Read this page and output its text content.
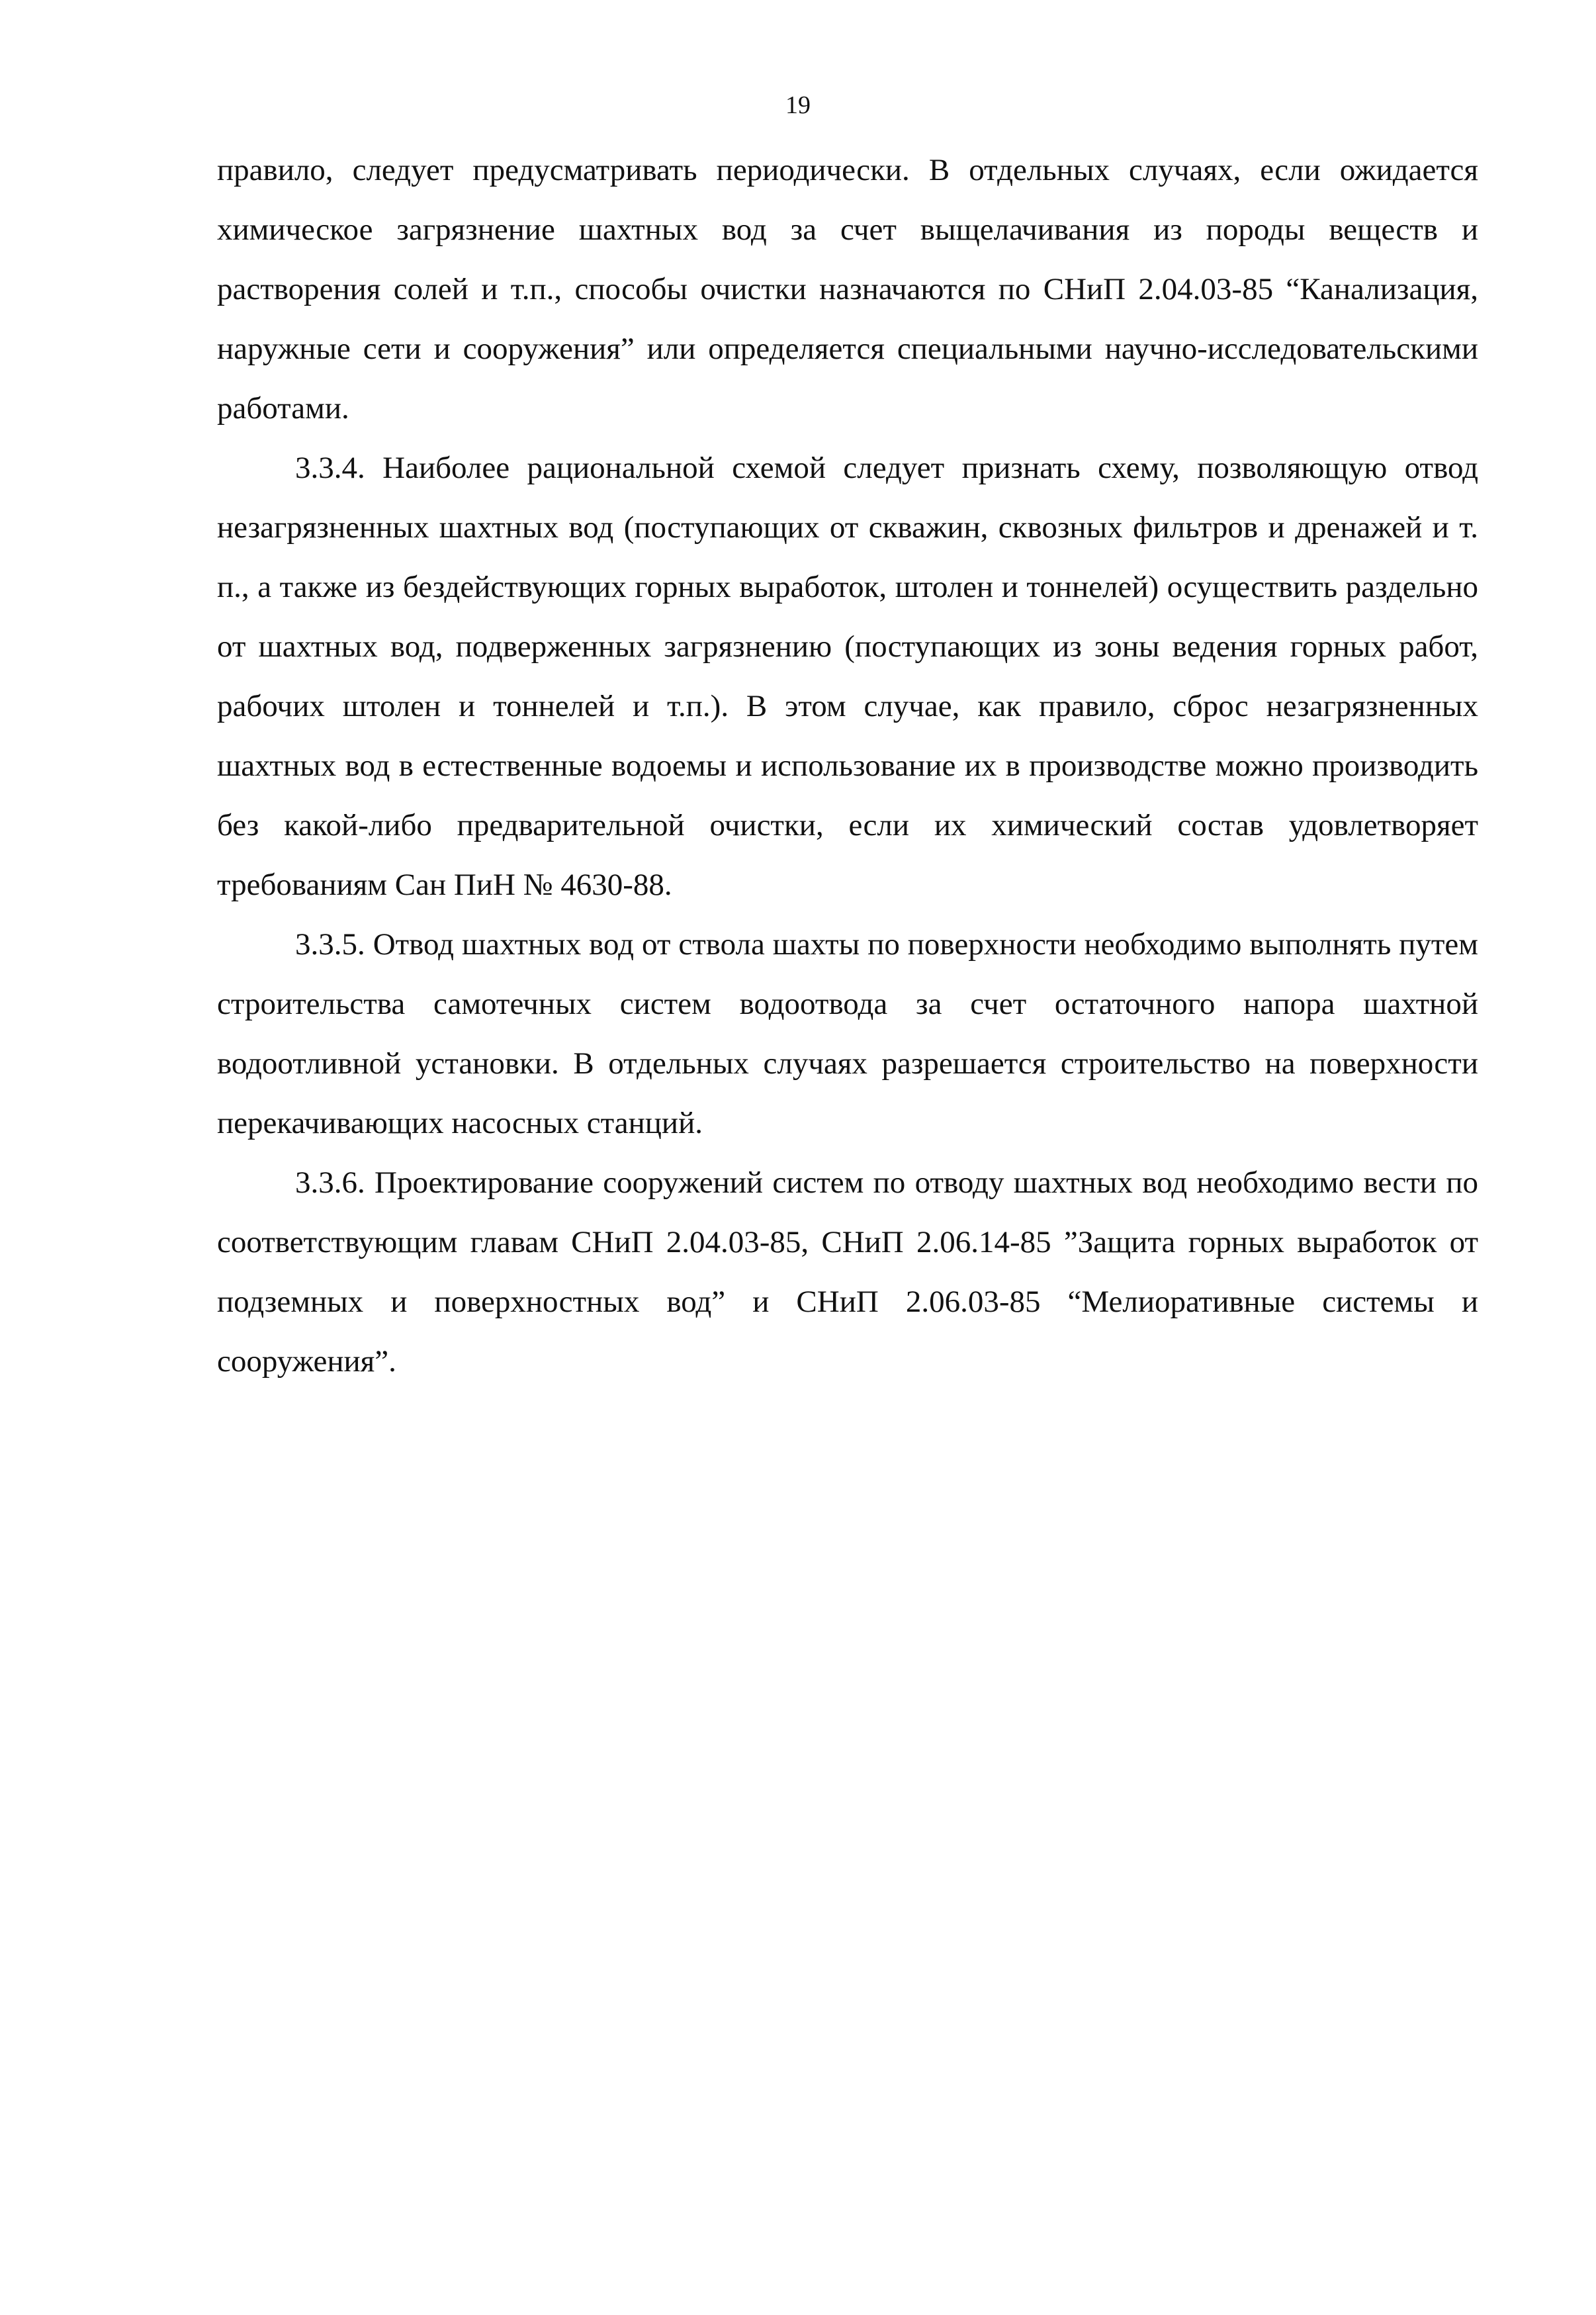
19

правило, следует предусматривать периодически. В отдельных случаях, если ожидается химическое загрязнение шахтных вод за счет выщелачивания из породы веществ и растворения солей и т.п., способы очистки назначаются по СНиП 2.04.03-85 “Канализация, наружные сети и сооружения” или определяется специальными научно-исследовательскими работами.

3.3.4. Наиболее рациональной схемой следует признать схему, позволяющую отвод незагрязненных шахтных вод (поступающих от скважин, сквозных фильтров и дренажей и т. п., а также из бездействующих горных выработок, штолен и тоннелей) осуществить раздельно от шахтных вод, подверженных загрязнению (поступающих из зоны ведения горных работ, рабочих штолен и тоннелей и т.п.). В этом случае, как правило, сброс незагрязненных шахтных вод в естественные водоемы и использование их в производстве можно производить без какой-либо предварительной очистки, если их химический состав удовлетворяет требованиям Сан ПиН № 4630-88.

3.3.5. Отвод шахтных вод от ствола шахты по поверхности необходимо выполнять путем строительства самотечных систем водоотвода за счет остаточного напора шахтной водоотливной установки. В отдельных случаях разрешается строительство на поверхности перекачивающих насосных станций.

3.3.6. Проектирование сооружений систем по отводу шахтных вод необходимо вести по соответствующим главам СНиП 2.04.03-85, СНиП 2.06.14-85 ”Защита горных выработок от подземных и поверхностных вод” и СНиП 2.06.03-85 “Мелиоративные системы и сооружения”.
